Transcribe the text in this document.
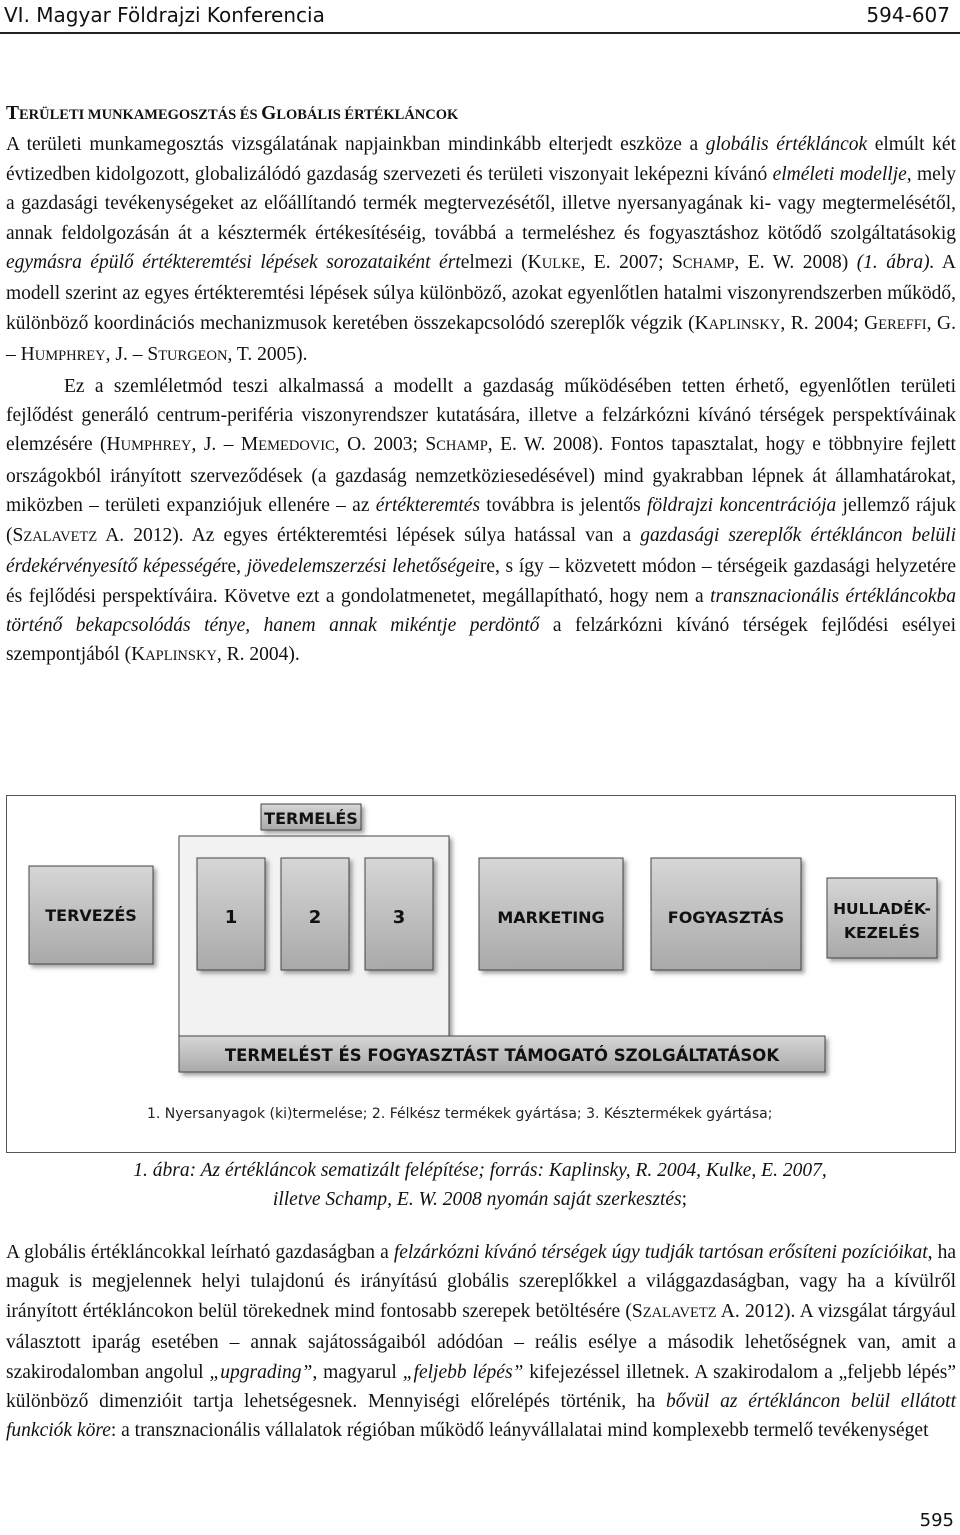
VI. Magyar Földrajzi Konferencia	594-607

TERÜLETI MUNKAMEGOSZTÁS ÉS GLOBÁLIS ÉRTÉKLÁNCOK

A területi munkamegosztás vizsgálatának napjainkban mindinkább elterjedt eszköze a globális értékláncok elmúlt két évtizedben kidolgozott, globalizálódó gazdaság szervezeti és területi viszonyait leképezni kívánó elméleti modellje, mely a gazdasági tevékenységeket az előállítandó termék megtervezésétől, illetve nyersanyagának ki- vagy megtermelésétől, annak feldolgozásán át a késztermék értékesítéséig, továbbá a termeléshez és fogyasztáshoz kötődő szolgáltatásokig egymásra épülő értékteremtési lépések sorozataiként értelmezi (KULKE, E. 2007; SCHAMP, E. W. 2008) (1. ábra). A modell szerint az egyes értékteremtési lépések súlya különböző, azokat egyenlőtlen hatalmi viszonyrendszerben működő, különböző koordinációs mechanizmusok keretében összekapcsolódó szereplők végzik (KAPLINSKY, R. 2004; GEREFFI, G. – HUMPHREY, J. – STURGEON, T. 2005).

Ez a szemléletmód teszi alkalmassá a modellt a gazdaság működésében tetten érhető, egyenlőtlen területi fejlődést generáló centrum-periféria viszonyrendszer kutatására, illetve a felzárkózni kívánó térségek perspektíváinak elemzésére (HUMPHREY, J. – MEMEDOVIC, O. 2003; SCHAMP, E. W. 2008). Fontos tapasztalat, hogy e többnyire fejlett országokból irányított szerveződések (a gazdaság nemzetköziesedésével) mind gyakrabban lépnek át államhatárokat, miközben – területi expanziójuk ellenére – az értékteremtés továbbra is jelentős földrajzi koncentrációja jellemző rájuk (SZALAVETZ A. 2012). Az egyes értékteremtési lépések súlya hatással van a gazdasági szereplők értékláncon belüli érdekérvényesítő képességére, jövedelemszerzési lehetőségeire, s így – közvetett módon – térségeik gazdasági helyzetére és fejlődési perspektíváira. Követve ezt a gondolatmenetet, megállapítható, hogy nem a transznacionális értékláncokba történő bekapcsolódás ténye, hanem annak mikéntje perdöntő a felzárkózni kívánó térségek fejlődési esélyei szempontjából (KAPLINSKY, R. 2004).

TERMELÉS
TERMELÉST ÉS FOGYASZTÁST TÁMOGATÓ SZOLGÁLTATÁSOK
TERVEZÉS	1	2	3	MARKETING	FOGYASZTÁS	HULLADÉK-
KEZELÉS
1. Nyersanyagok (ki)termelése; 2. Félkész termékek gyártása; 3. Késztermékek gyártása;
1. ábra: Az értékláncok sematizált felépítése; forrás: Kaplinsky, R. 2004, Kulke, E. 2007,
illetve Schamp, E. W. 2008 nyomán saját szerkesztés;

A globális értékláncokkal leírható gazdaságban a felzárkózni kívánó térségek úgy tudják tartósan erősíteni pozícióikat, ha maguk is megjelennek helyi tulajdonú és irányítású globális szereplőkkel a világgazdaságban, vagy ha a kívülről irányított értékláncokon belül törekednek mind fontosabb szerepek betöltésére (SZALAVETZ A. 2012). A vizsgálat tárgyául választott iparág esetében – annak sajátosságaiból adódóan – reális esélye a második lehetőségnek van, amit a szakirodalomban angolul „upgrading”, magyarul „feljebb lépés” kifejezéssel illetnek. A szakirodalom a „feljebb lépés” különböző dimenzióit tartja lehetségesnek. Mennyiségi előrelépés történik, ha bővül az értékláncon belül ellátott funkciók köre: a transznacionális vállalatok régióban működő leányvállalatai mind komplexebb termelő tevékenységet

595
